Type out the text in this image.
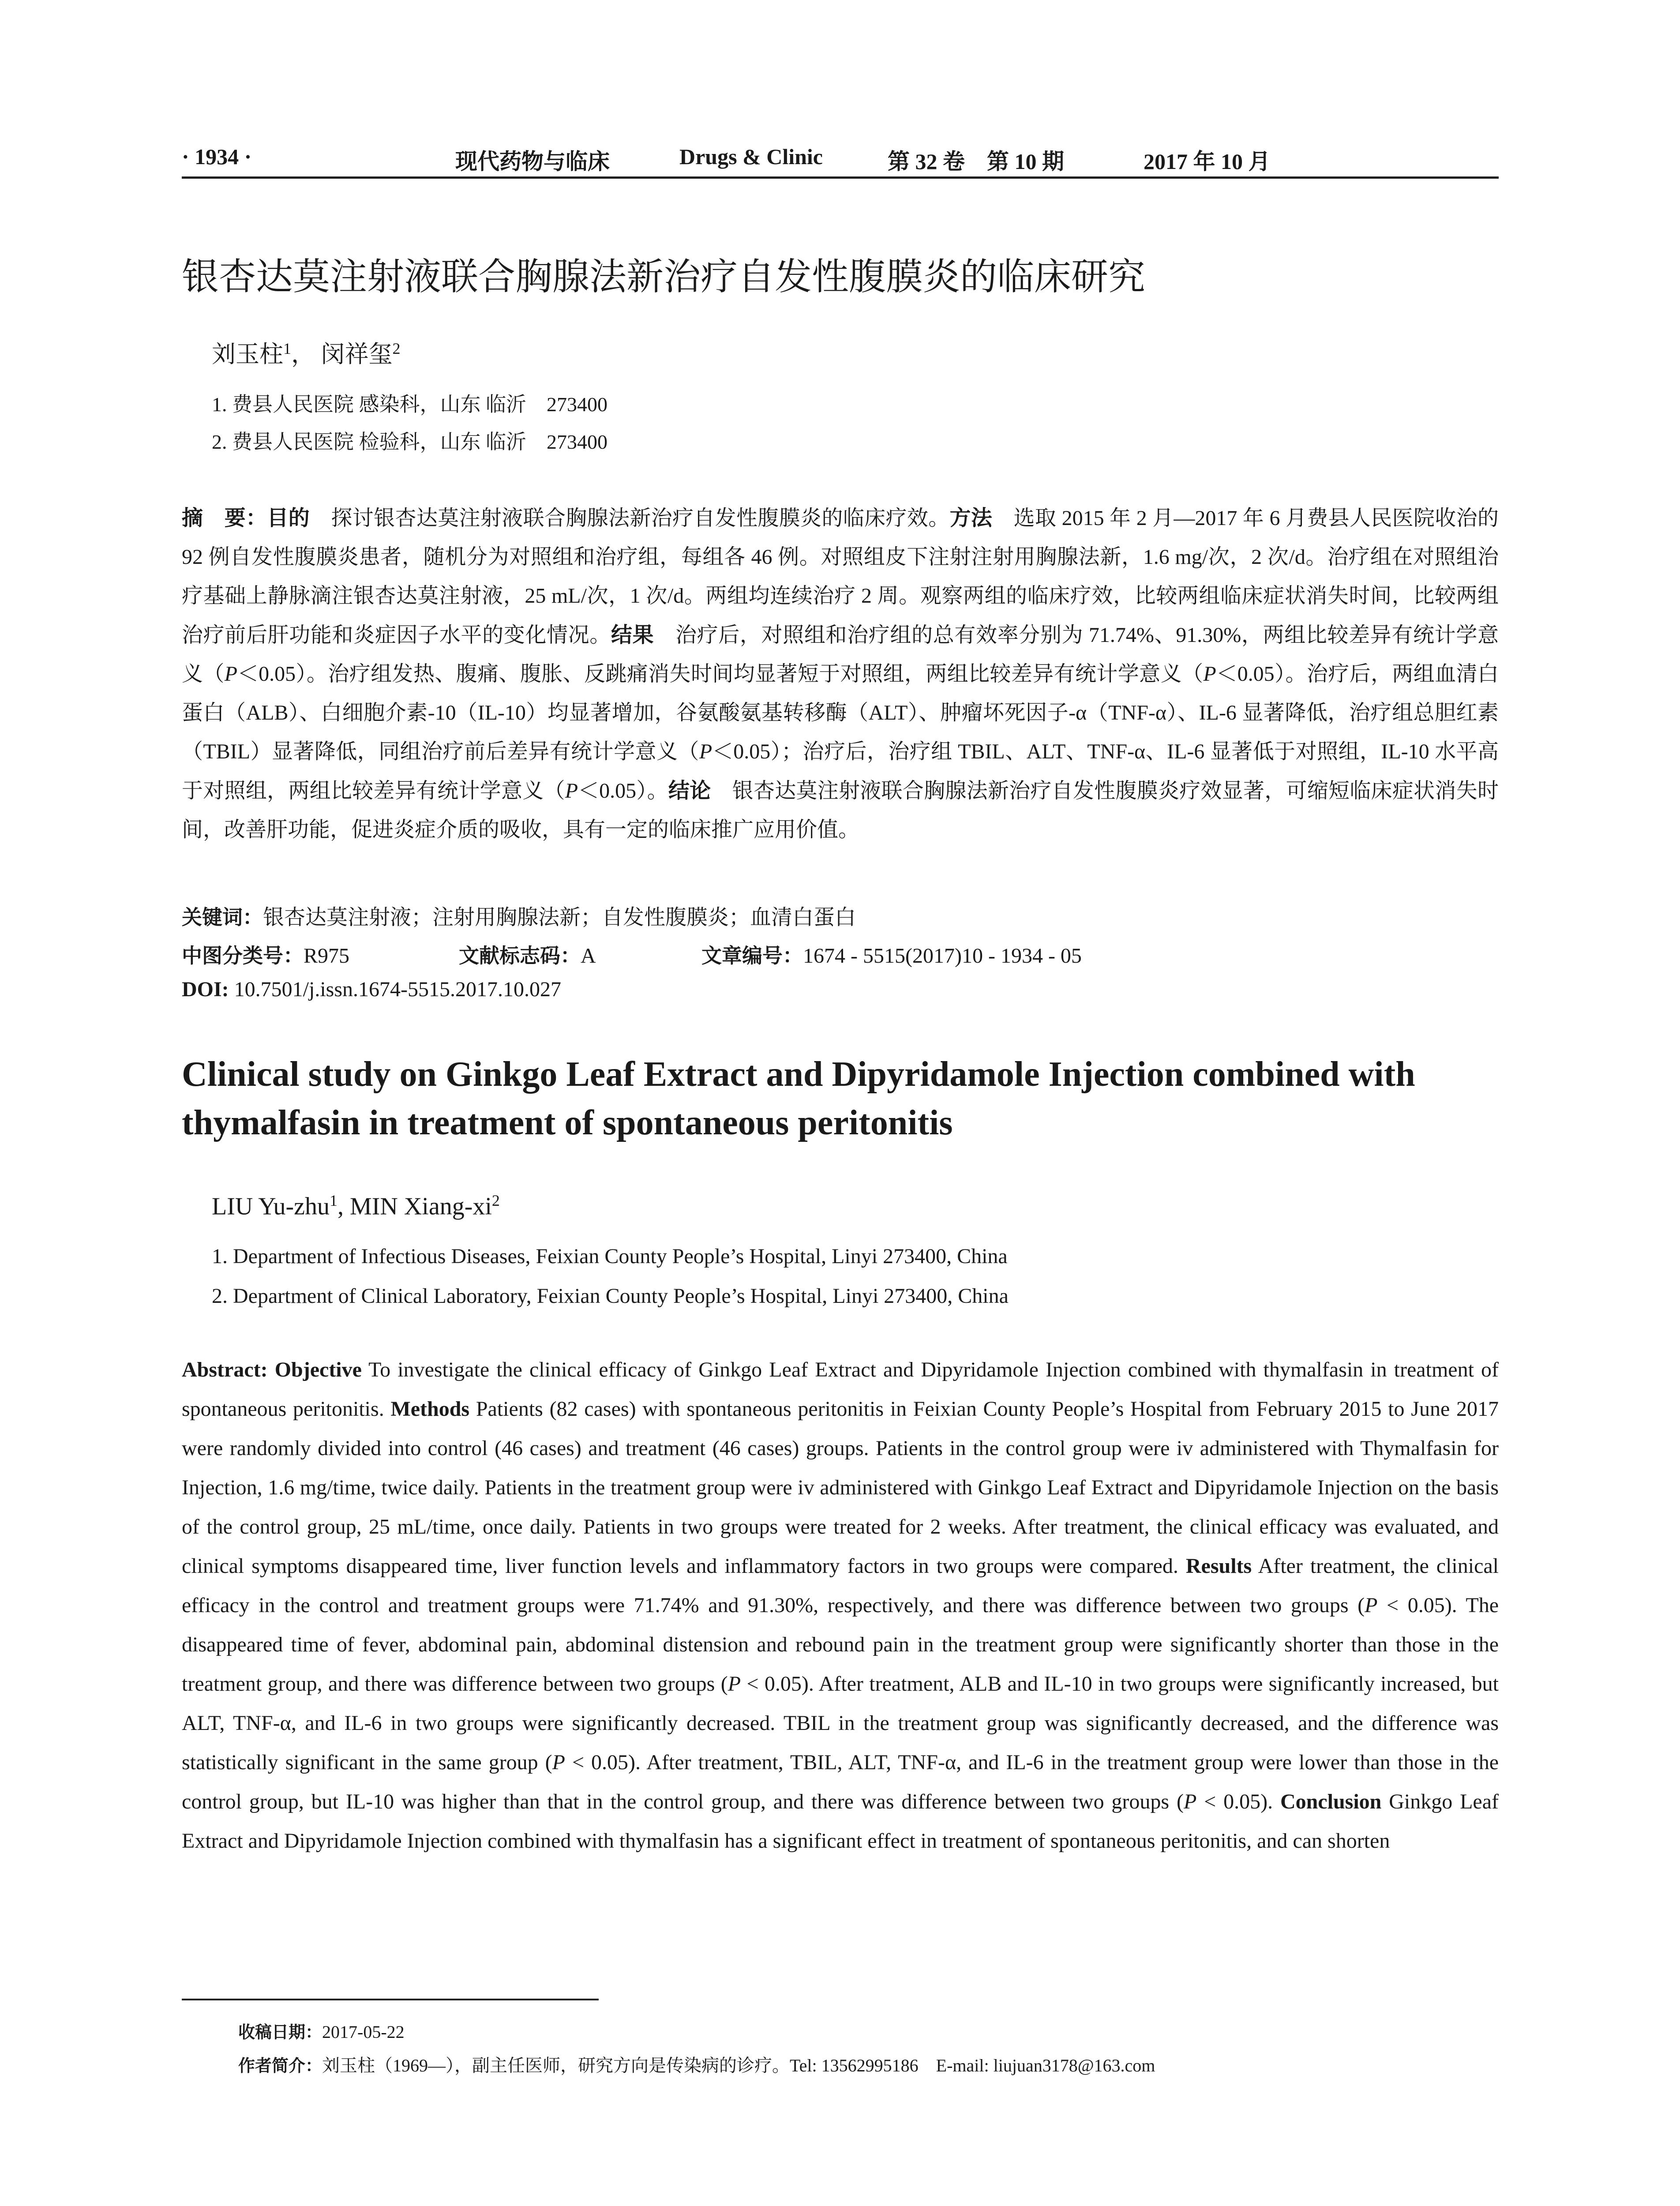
· 1934 ·	现代药物与临床	Drugs & Clinic	第 32 卷　第 10 期	2017 年 10 月
银杏达莫注射液联合胸腺法新治疗自发性腹膜炎的临床研究
刘玉柱$^1$， 闵祥玺$^2$
1. 费县人民医院 感染科，山东 临沂　273400
2. 费县人民医院 检验科，山东 临沂　273400
摘　要：目的　探讨银杏达莫注射液联合胸腺法新治疗自发性腹膜炎的临床疗效。方法　选取 2015 年 2 月—2017 年 6 月费县人民医院收治的 92 例自发性腹膜炎患者，随机分为对照组和治疗组，每组各 46 例。对照组皮下注射注射用胸腺法新，1.6 mg/次，2 次/d。治疗组在对照组治疗基础上静脉滴注银杏达莫注射液，25 mL/次，1 次/d。两组均连续治疗 2 周。观察两组的临床疗效，比较两组临床症状消失时间，比较两组治疗前后肝功能和炎症因子水平的变化情况。结果　治疗后，对照组和治疗组的总有效率分别为 71.74%、91.30%，两组比较差异有统计学意义（P＜0.05）。治疗组发热、腹痛、腹胀、反跳痛消失时间均显著短于对照组，两组比较差异有统计学意义（P＜0.05）。治疗后，两组血清白蛋白（ALB）、白细胞介素-10（IL-10）均显著增加，谷氨酸氨基转移酶（ALT）、肿瘤坏死因子-α（TNF-α）、IL-6 显著降低，治疗组总胆红素（TBIL）显著降低，同组治疗前后差异有统计学意义（P＜0.05）；治疗后，治疗组 TBIL、ALT、TNF-α、IL-6 显著低于对照组，IL-10 水平高于对照组，两组比较差异有统计学意义（P＜0.05）。结论　银杏达莫注射液联合胸腺法新治疗自发性腹膜炎疗效显著，可缩短临床症状消失时间，改善肝功能，促进炎症介质的吸收，具有一定的临床推广应用价值。
关键词：银杏达莫注射液；注射用胸腺法新；自发性腹膜炎；血清白蛋白
中图分类号：R975	文献标志码：A	文章编号：1674 - 5515(2017)10 - 1934 - 05
DOI: 10.7501/j.issn.1674-5515.2017.10.027
Clinical study on Ginkgo Leaf Extract and Dipyridamole Injection combined with thymalfasin in treatment of spontaneous peritonitis
LIU Yu-zhu$^1$, MIN Xiang-$xi^2$
1. Department of Infectious Diseases, Feixian County People’s Hospital, Linyi 273400, China
2. Department of Clinical Laboratory, Feixian County People’s Hospital, Linyi 273400, China
Abstract: Objective To investigate the clinical efficacy of Ginkgo Leaf Extract and Dipyridamole Injection combined with thymalfasin in treatment of spontaneous peritonitis. Methods Patients (82 cases) with spontaneous peritonitis in Feixian County People’s Hospital from February 2015 to June 2017 were randomly divided into control (46 cases) and treatment (46 cases) groups. Patients in the control group were iv administered with Thymalfasin for Injection, 1.6 mg/time, twice daily. Patients in the treatment group were iv administered with Ginkgo Leaf Extract and Dipyridamole Injection on the basis of the control group, 25 mL/time, once daily. Patients in two groups were treated for 2 weeks. After treatment, the clinical efficacy was evaluated, and clinical symptoms disappeared time, liver function levels and inflammatory factors in two groups were compared. Results After treatment, the clinical efficacy in the control and treatment groups were 71.74% and 91.30%, respectively, and there was difference between two groups (P < 0.05). The disappeared time of fever, abdominal pain, abdominal distension and rebound pain in the treatment group were significantly shorter than those in the treatment group, and there was difference between two groups (P < 0.05). After treatment, ALB and IL-10 in two groups were significantly increased, but ALT, TNF-α, and IL-6 in two groups were significantly decreased. TBIL in the treatment group was significantly decreased, and the difference was statistically significant in the same group (P < 0.05). After treatment, TBIL, ALT, TNF-α, and IL-6 in the treatment group were lower than those in the control group, but IL-10 was higher than that in the control group, and there was difference between two groups (P < 0.05). Conclusion Ginkgo Leaf Extract and Dipyridamole Injection combined with thymalfasin has a significant effect in treatment of spontaneous peritonitis, and can shorten
收稿日期：2017-05-22
作者简介：刘玉柱（1969—），副主任医师，研究方向是传染病的诊疗。Tel: 13562995186　E-mail: liujuan3178@163.com
